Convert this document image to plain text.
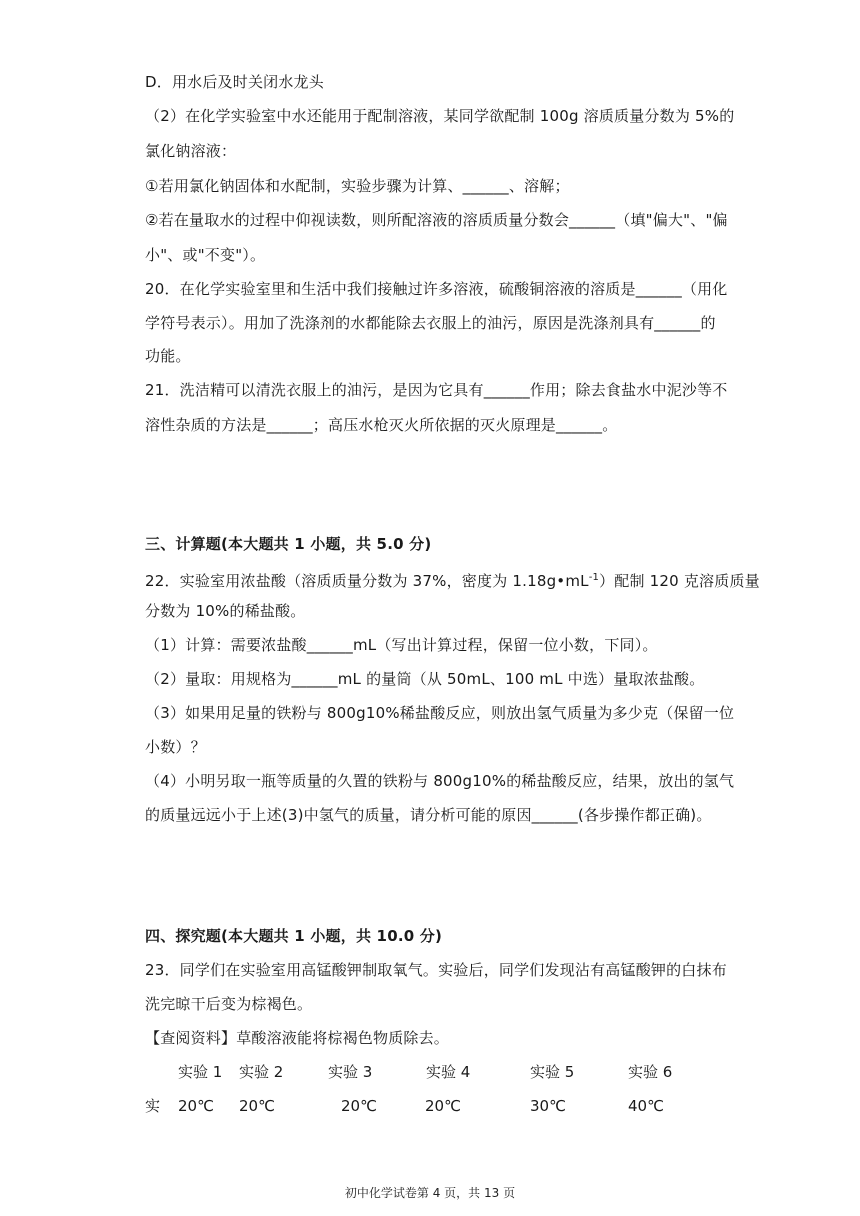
D．用水后及时关闭水龙头
（2）在化学实验室中水还能用于配制溶液，某同学欲配制 100g 溶质质量分数为 5%的
氯化钠溶液：
①若用氯化钠固体和水配制，实验步骤为计算、______、溶解；
②若在量取水的过程中仰视读数，则所配溶液的溶质质量分数会______（填"偏大"、"偏
小"、或"不变"）。
20．在化学实验室里和生活中我们接触过许多溶液，硫酸铜溶液的溶质是______（用化
学符号表示）。用加了洗涤剂的水都能除去衣服上的油污，原因是洗涤剂具有______的
功能。
21．洗洁精可以清洗衣服上的油污，是因为它具有______作用；除去食盐水中泥沙等不
溶性杂质的方法是______；高压水枪灭火所依据的灭火原理是______。
三、计算题(本大题共 1 小题，共 5.0 分)
22．实验室用浓盐酸（溶质质量分数为 37%，密度为 $1.18g•mL^{-1}$）配制 120 克溶质质量
分数为 10%的稀盐酸。
（1）计算：需要浓盐酸______mL（写出计算过程，保留一位小数，下同）。
（2）量取：用规格为______mL 的量筒（从 50mL、100 mL 中选）量取浓盐酸。
（3）如果用足量的铁粉与 800g10%稀盐酸反应，则放出氢气质量为多少克（保留一位
小数）？
（4）小明另取一瓶等质量的久置的铁粉与 800g10%的稀盐酸反应，结果，放出的氢气
的质量远远小于上述(3)中氢气的质量，请分析可能的原因______(各步操作都正确)。
四、探究题(本大题共 1 小题，共 10.0 分)
23．同学们在实验室用高锰酸钾制取氧气。实验后，同学们发现沾有高锰酸钾的白抹布
洗完晾干后变为棕褐色。
【查阅资料】草酸溶液能将棕褐色物质除去。
实验 1 实验 2	实验 3	实验 4	实验 5	实验 6
实 20℃ 20℃	20℃	20℃	30℃	40℃
初中化学试卷第 4 页，共 13 页
